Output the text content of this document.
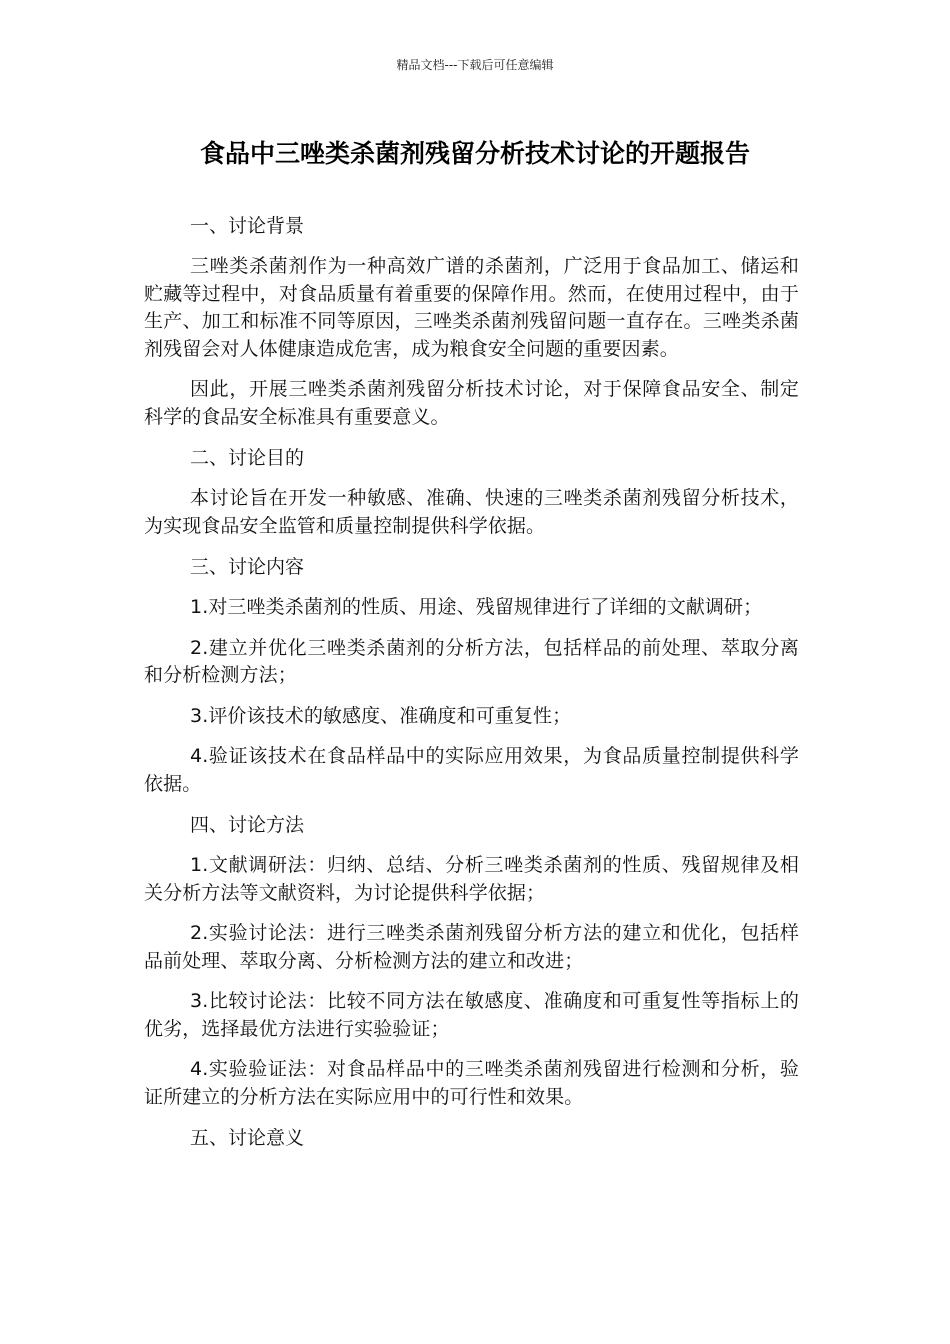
精品文档---下载后可任意编辑
食品中三唑类杀菌剂残留分析技术讨论的开题报告
一、讨论背景

三唑类杀菌剂作为一种高效广谱的杀菌剂，广泛用于食品加工、储运和贮藏等过程中，对食品质量有着重要的保障作用。然而，在使用过程中，由于生产、加工和标准不同等原因，三唑类杀菌剂残留问题一直存在。三唑类杀菌剂残留会对人体健康造成危害，成为粮食安全问题的重要因素。

因此，开展三唑类杀菌剂残留分析技术讨论，对于保障食品安全、制定科学的食品安全标准具有重要意义。

二、讨论目的

本讨论旨在开发一种敏感、准确、快速的三唑类杀菌剂残留分析技术，为实现食品安全监管和质量控制提供科学依据。

三、讨论内容

1.对三唑类杀菌剂的性质、用途、残留规律进行了详细的文献调研；

2.建立并优化三唑类杀菌剂的分析方法，包括样品的前处理、萃取分离和分析检测方法；

3.评价该技术的敏感度、准确度和可重复性；

4.验证该技术在食品样品中的实际应用效果，为食品质量控制提供科学依据。

四、讨论方法

1.文献调研法：归纳、总结、分析三唑类杀菌剂的性质、残留规律及相关分析方法等文献资料，为讨论提供科学依据；

2.实验讨论法：进行三唑类杀菌剂残留分析方法的建立和优化，包括样品前处理、萃取分离、分析检测方法的建立和改进；

3.比较讨论法：比较不同方法在敏感度、准确度和可重复性等指标上的优劣，选择最优方法进行实验验证；

4.实验验证法：对食品样品中的三唑类杀菌剂残留进行检测和分析，验证所建立的分析方法在实际应用中的可行性和效果。

五、讨论意义
